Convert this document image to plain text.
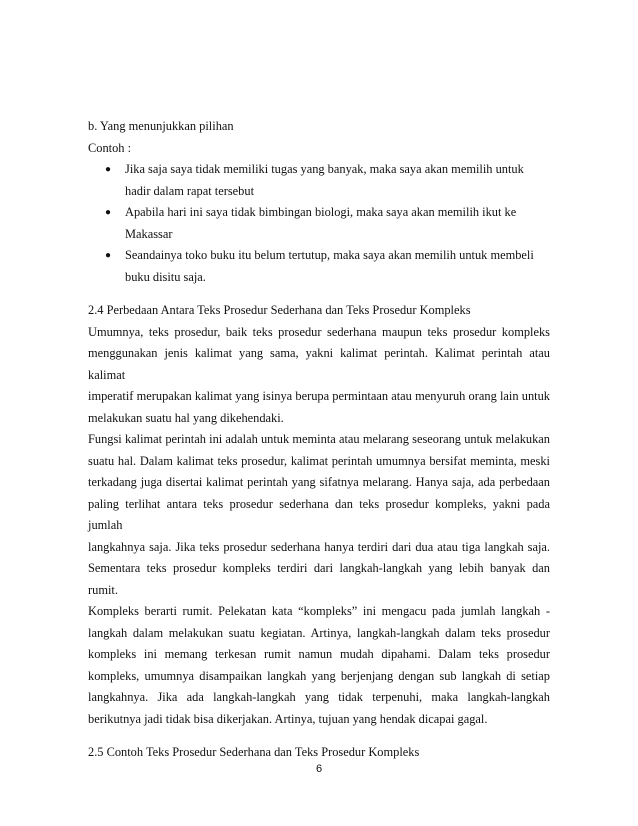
b. Yang menunjukkan pilihan
Contoh :
● Jika saja saya tidak memiliki tugas yang banyak, maka saya akan memilih untuk
hadir dalam rapat tersebut
● Apabila hari ini saya tidak bimbingan biologi, maka saya akan memilih ikut ke
Makassar
● Seandainya toko buku itu belum tertutup, maka saya akan memilih untuk membeli
buku disitu saja.
2.4 Perbedaan Antara Teks Prosedur Sederhana dan Teks Prosedur Kompleks
Umumnya, teks prosedur, baik teks prosedur sederhana maupun teks prosedur kompleks
menggunakan jenis kalimat yang sama, yakni kalimat perintah. Kalimat perintah atau kalimat
imperatif merupakan kalimat yang isinya berupa permintaan atau menyuruh orang lain untuk
melakukan suatu hal yang dikehendaki.
Fungsi kalimat perintah ini adalah untuk meminta atau melarang seseorang untuk melakukan
suatu hal. Dalam kalimat teks prosedur, kalimat perintah umumnya bersifat meminta, meski
terkadang juga disertai kalimat perintah yang sifatnya melarang. Hanya saja, ada perbedaan
paling terlihat antara teks prosedur sederhana dan teks prosedur kompleks, yakni pada jumlah
langkahnya saja. Jika teks prosedur sederhana hanya terdiri dari dua atau tiga langkah saja.
Sementara teks prosedur kompleks terdiri dari langkah-langkah yang lebih banyak dan rumit.
Kompleks berarti rumit. Pelekatan kata “kompleks” ini mengacu pada jumlah langkah -
langkah dalam melakukan suatu kegiatan. Artinya, langkah-langkah dalam teks prosedur
kompleks ini memang terkesan rumit namun mudah dipahami. Dalam teks prosedur
kompleks, umumnya disampaikan langkah yang berjenjang dengan sub langkah di setiap
langkahnya. Jika ada langkah-langkah yang tidak terpenuhi, maka langkah-langkah
berikutnya jadi tidak bisa dikerjakan. Artinya, tujuan yang hendak dicapai gagal.
2.5 Contoh Teks Prosedur Sederhana dan Teks Prosedur Kompleks
6
